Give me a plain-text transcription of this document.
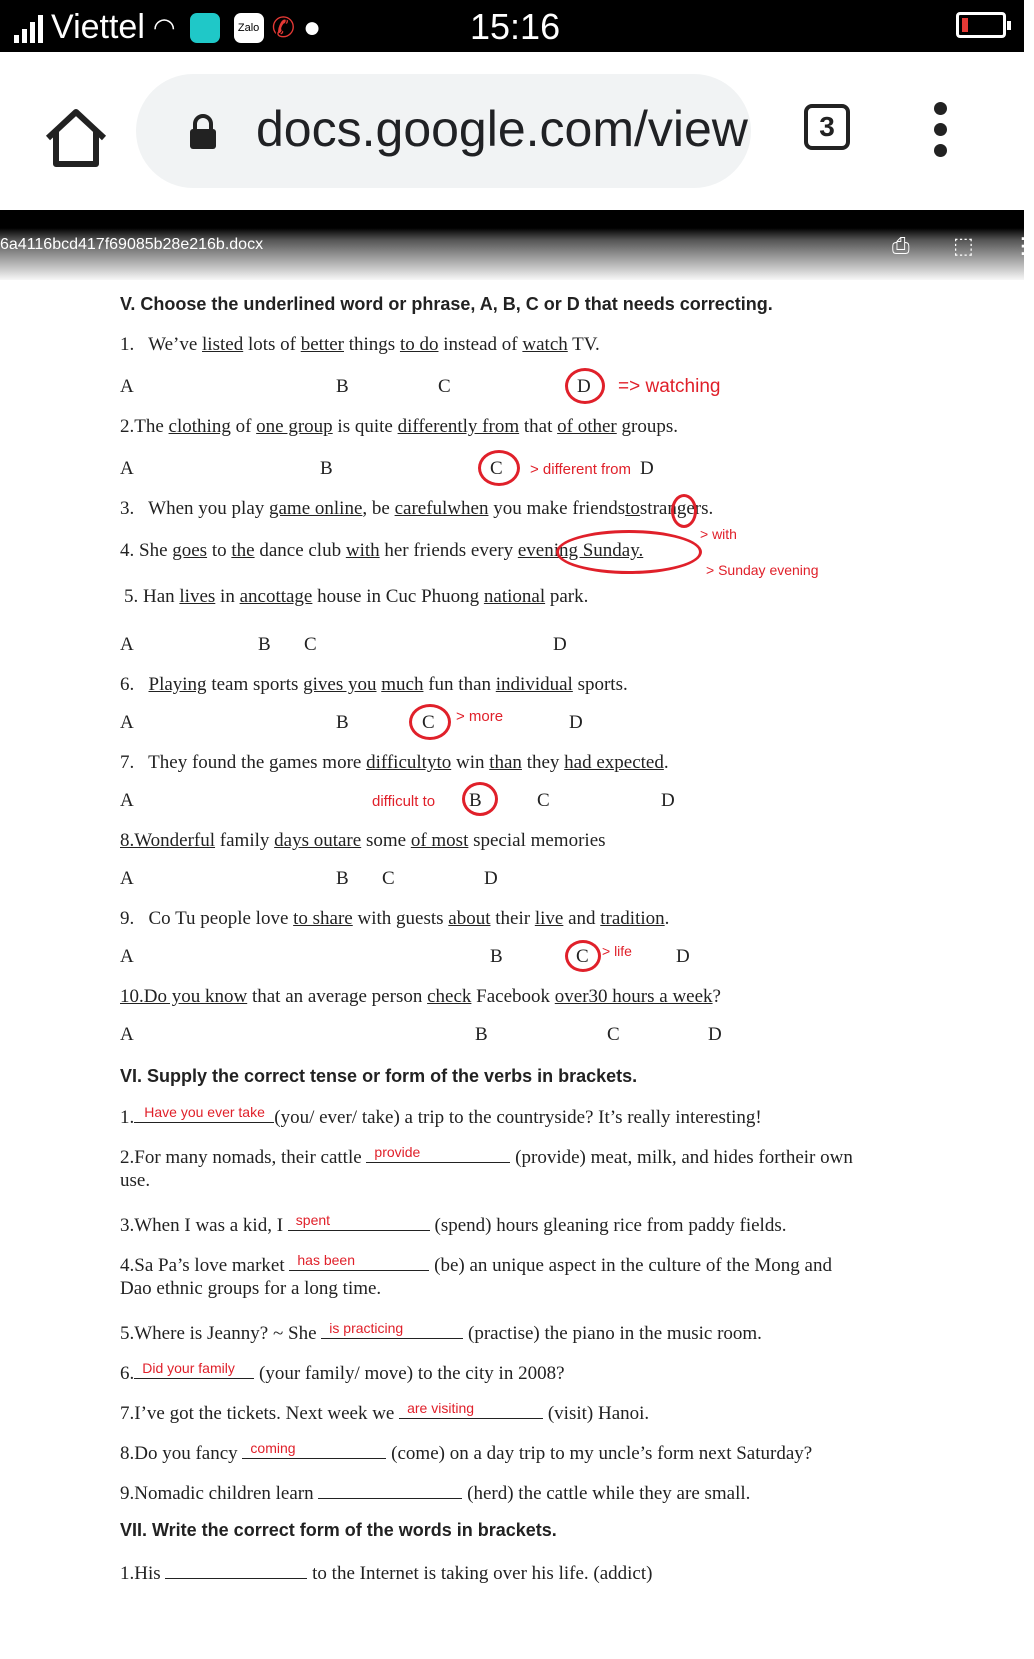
Viettel ◠	Zalo ✆ ●	15:16
docs.google.com/view	3
6a4116bcd417f69085b28e216b.docx	⎙ ⬚ ⋮
V. Choose the underlined word or phrase, A, B, C or D that needs correcting.
1. We’ve listed lots of better things to do instead of watch TV.
A	B	C	D => watching
2.The clothing of one group is quite differently from that of other groups.
A	B	C > different from D
3. When you play game online, be carefulwhen you make friendstostrangers.
> with
4. She goes to the dance club with her friends every evening Sunday.
> Sunday evening
5. Han lives in ancottage house in Cuc Phuong national park.
A	B C	D
6. Playing team sports gives you much fun than individual sports.
A	B	C > more	D
7. They found the games more difficultyto win than they had expected.
A	difficult to B	C	D
8.Wonderful family days outare some of most special memories
A	B C	D
9. Co Tu people love to share with guests about their live and tradition.
A	B	C > life D
10.Do you know that an average person check Facebook over30 hours a week?
A	B	C	D
VI. Supply the correct tense or form of the verbs in brackets.
1. Have you ever take (you/ ever/ take) a trip to the countryside? It’s really interesting!
2.For many nomads, their cattle provide	(provide) meat, milk, and hides fortheir own
use.
3.When I was a kid, I spent	(spend) hours gleaning rice from paddy fields.
4.Sa Pa’s love market has been	(be) an unique aspect in the culture of the Mong and
Dao ethnic groups for a long time.
5.Where is Jeanny? ~ She is practicing	(practise) the piano in the music room.
6. Did your family (your family/ move) to the city in 2008?
7.I’ve got the tickets. Next week we are visiting	(visit) Hanoi.
8.Do you fancy coming	(come) on a day trip to my uncle’s form next Saturday?
9.Nomadic children learn	(herd) the cattle while they are small.
VII. Write the correct form of the words in brackets.
1.His	to the Internet is taking over his life. (addict)
